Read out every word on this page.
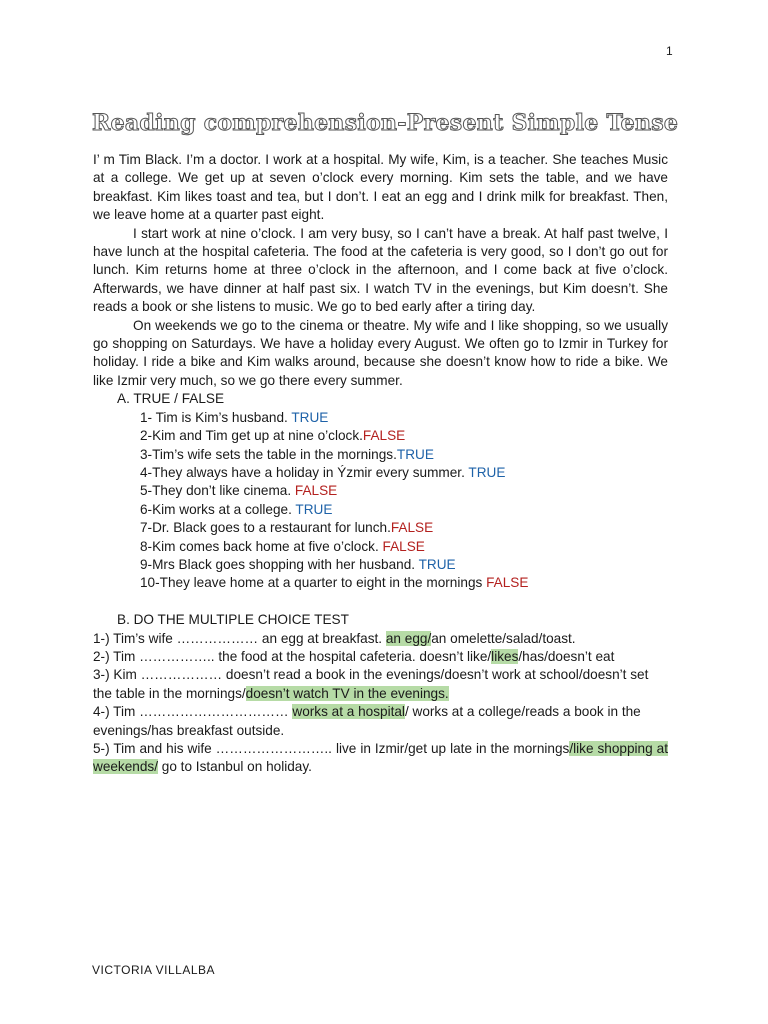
1
Reading comprehension-Present Simple Tense

I’ m Tim Black. I’m a doctor. I work at a hospital. My wife, Kim, is a teacher. She teaches Music at a college. We get up at seven o’clock every morning. Kim sets the table, and we have breakfast. Kim likes toast and tea, but I don’t. I eat an egg and I drink milk for breakfast. Then, we leave home at a quarter past eight.

I start work at nine o’clock. I am very busy, so I can’t have a break. At half past twelve, I have lunch at the hospital cafeteria. The food at the cafeteria is very good, so I don’t go out for lunch. Kim returns home at three o’clock in the afternoon, and I come back at five o’clock. Afterwards, we have dinner at half past six. I watch TV in the evenings, but Kim doesn’t. She reads a book or she listens to music. We go to bed early after a tiring day.

On weekends we go to the cinema or theatre. My wife and I like shopping, so we usually go shopping on Saturdays. We have a holiday every August. We often go to Izmir in Turkey for holiday. I ride a bike and Kim walks around, because she doesn’t know how to ride a bike. We like Izmir very much, so we go there every summer.

A. TRUE / FALSE

1- Tim is Kim’s husband. TRUE
2-Kim and Tim get up at nine o’clock.FALSE
3-Tim’s wife sets the table in the mornings.TRUE
4-They always have a holiday in Ýzmir every summer. TRUE
5-They don’t like cinema. FALSE
6-Kim works at a college. TRUE
7-Dr. Black goes to a restaurant for lunch.FALSE
8-Kim comes back home at five o’clock. FALSE
9-Mrs Black goes shopping with her husband. TRUE
10-They leave home at a quarter to eight in the mornings FALSE

B. DO THE MULTIPLE CHOICE TEST

1-) Tim’s wife ……………… an egg at breakfast. an egg/an omelette/salad/toast.

2-) Tim …………….. the food at the hospital cafeteria. doesn’t like/likes/has/doesn’t eat

3-) Kim ……………… doesn’t read a book in the evenings/doesn’t work at school/doesn’t set the table in the mornings/doesn’t watch TV in the evenings.

4-) Tim …………………………… works at a hospital/ works at a college/reads a book in the evenings/has breakfast outside.

5-) Tim and his wife …………………….. live in Izmir/get up late in the mornings/like shopping at weekends/ go to Istanbul on holiday.

VICTORIA VILLALBA
